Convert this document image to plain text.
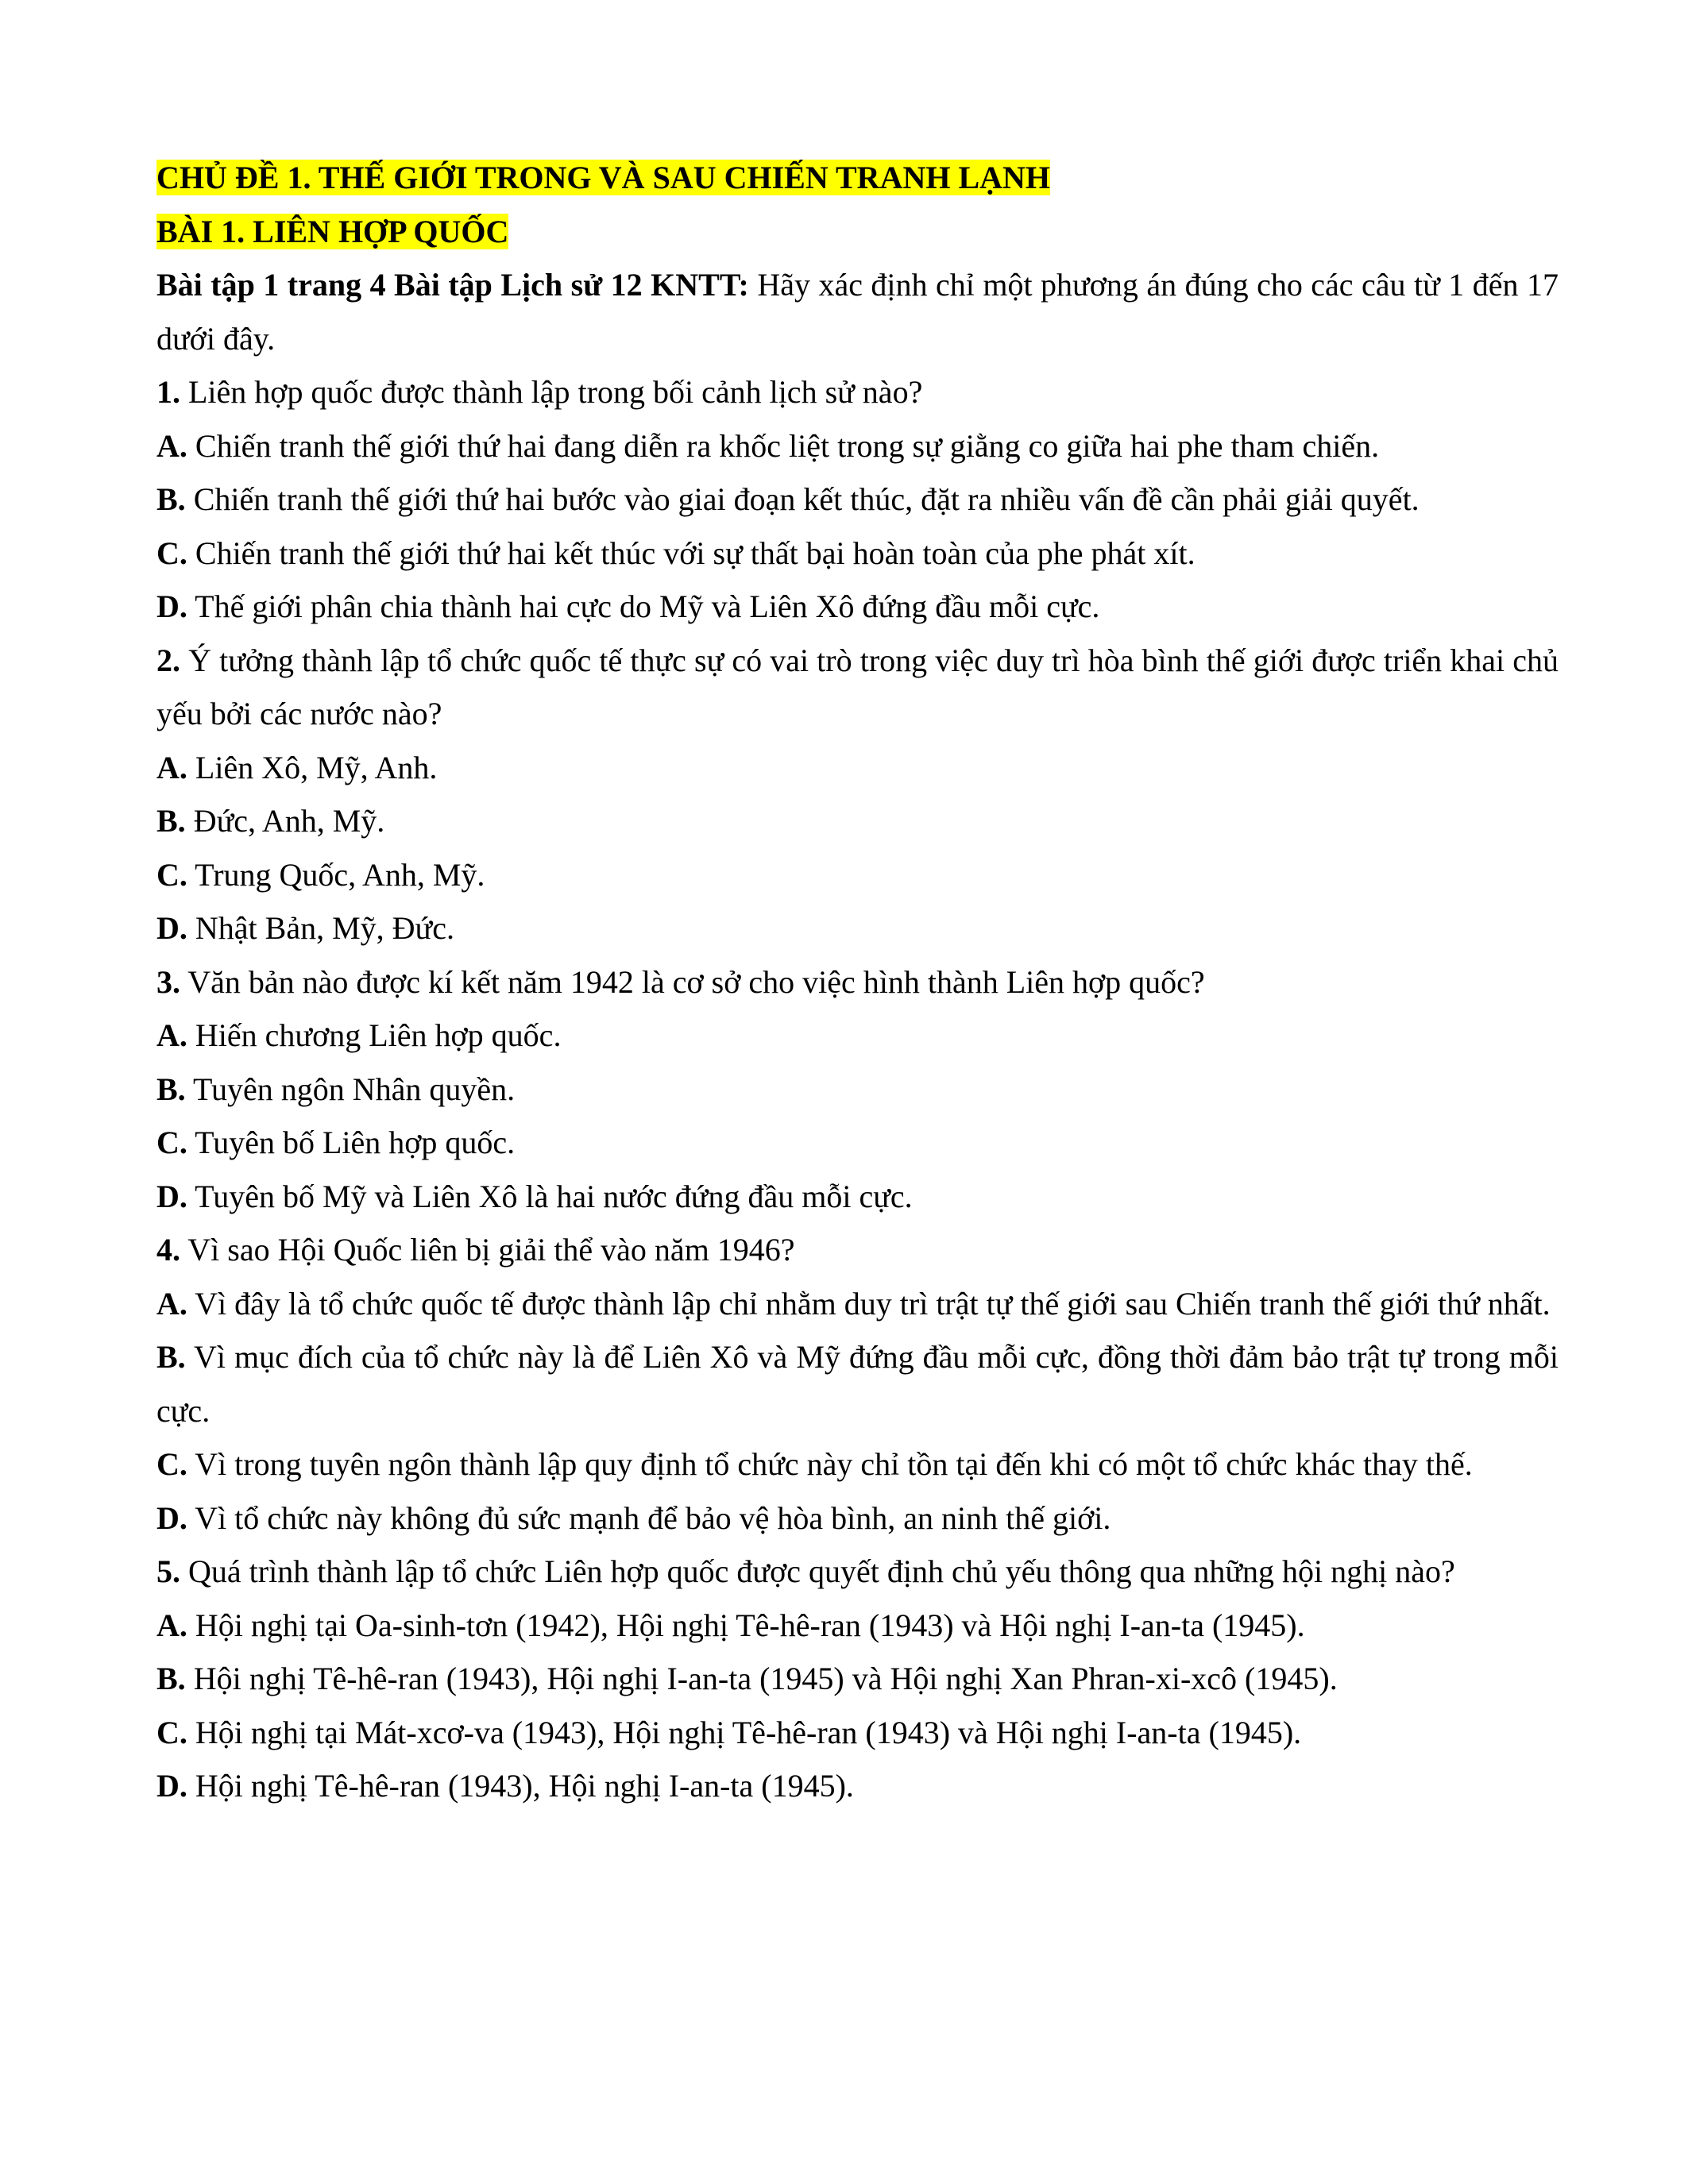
CHỦ ĐỀ 1. THẾ GIỚI TRONG VÀ SAU CHIẾN TRANH LẠNH

BÀI 1. LIÊN HỢP QUỐC

Bài tập 1 trang 4 Bài tập Lịch sử 12 KNTT: Hãy xác định chỉ một phương án đúng cho các câu từ 1 đến 17 dưới đây.

1. Liên hợp quốc được thành lập trong bối cảnh lịch sử nào?

A. Chiến tranh thế giới thứ hai đang diễn ra khốc liệt trong sự giằng co giữa hai phe tham chiến.

B. Chiến tranh thế giới thứ hai bước vào giai đoạn kết thúc, đặt ra nhiều vấn đề cần phải giải quyết.

C. Chiến tranh thế giới thứ hai kết thúc với sự thất bại hoàn toàn của phe phát xít.

D. Thế giới phân chia thành hai cực do Mỹ và Liên Xô đứng đầu mỗi cực.

2. Ý tưởng thành lập tổ chức quốc tế thực sự có vai trò trong việc duy trì hòa bình thế giới được triển khai chủ yếu bởi các nước nào?

A. Liên Xô, Mỹ, Anh.

B. Đức, Anh, Mỹ.

C. Trung Quốc, Anh, Mỹ.

D. Nhật Bản, Mỹ, Đức.

3. Văn bản nào được kí kết năm 1942 là cơ sở cho việc hình thành Liên hợp quốc?

A. Hiến chương Liên hợp quốc.

B. Tuyên ngôn Nhân quyền.

C. Tuyên bố Liên hợp quốc.

D. Tuyên bố Mỹ và Liên Xô là hai nước đứng đầu mỗi cực.

4. Vì sao Hội Quốc liên bị giải thể vào năm 1946?

A. Vì đây là tổ chức quốc tế được thành lập chỉ nhằm duy trì trật tự thế giới sau Chiến tranh thế giới thứ nhất.

B. Vì mục đích của tổ chức này là để Liên Xô và Mỹ đứng đầu mỗi cực, đồng thời đảm bảo trật tự trong mỗi cực.

C. Vì trong tuyên ngôn thành lập quy định tổ chức này chỉ tồn tại đến khi có một tổ chức khác thay thế.

D. Vì tổ chức này không đủ sức mạnh để bảo vệ hòa bình, an ninh thế giới.

5. Quá trình thành lập tổ chức Liên hợp quốc được quyết định chủ yếu thông qua những hội nghị nào?

A. Hội nghị tại Oa-sinh-tơn (1942), Hội nghị Tê-hê-ran (1943) và Hội nghị I-an-ta (1945).

B. Hội nghị Tê-hê-ran (1943), Hội nghị I-an-ta (1945) và Hội nghị Xan Phran-xi-xcô (1945).

C. Hội nghị tại Mát-xcơ-va (1943), Hội nghị Tê-hê-ran (1943) và Hội nghị I-an-ta (1945).

D. Hội nghị Tê-hê-ran (1943), Hội nghị I-an-ta (1945).
